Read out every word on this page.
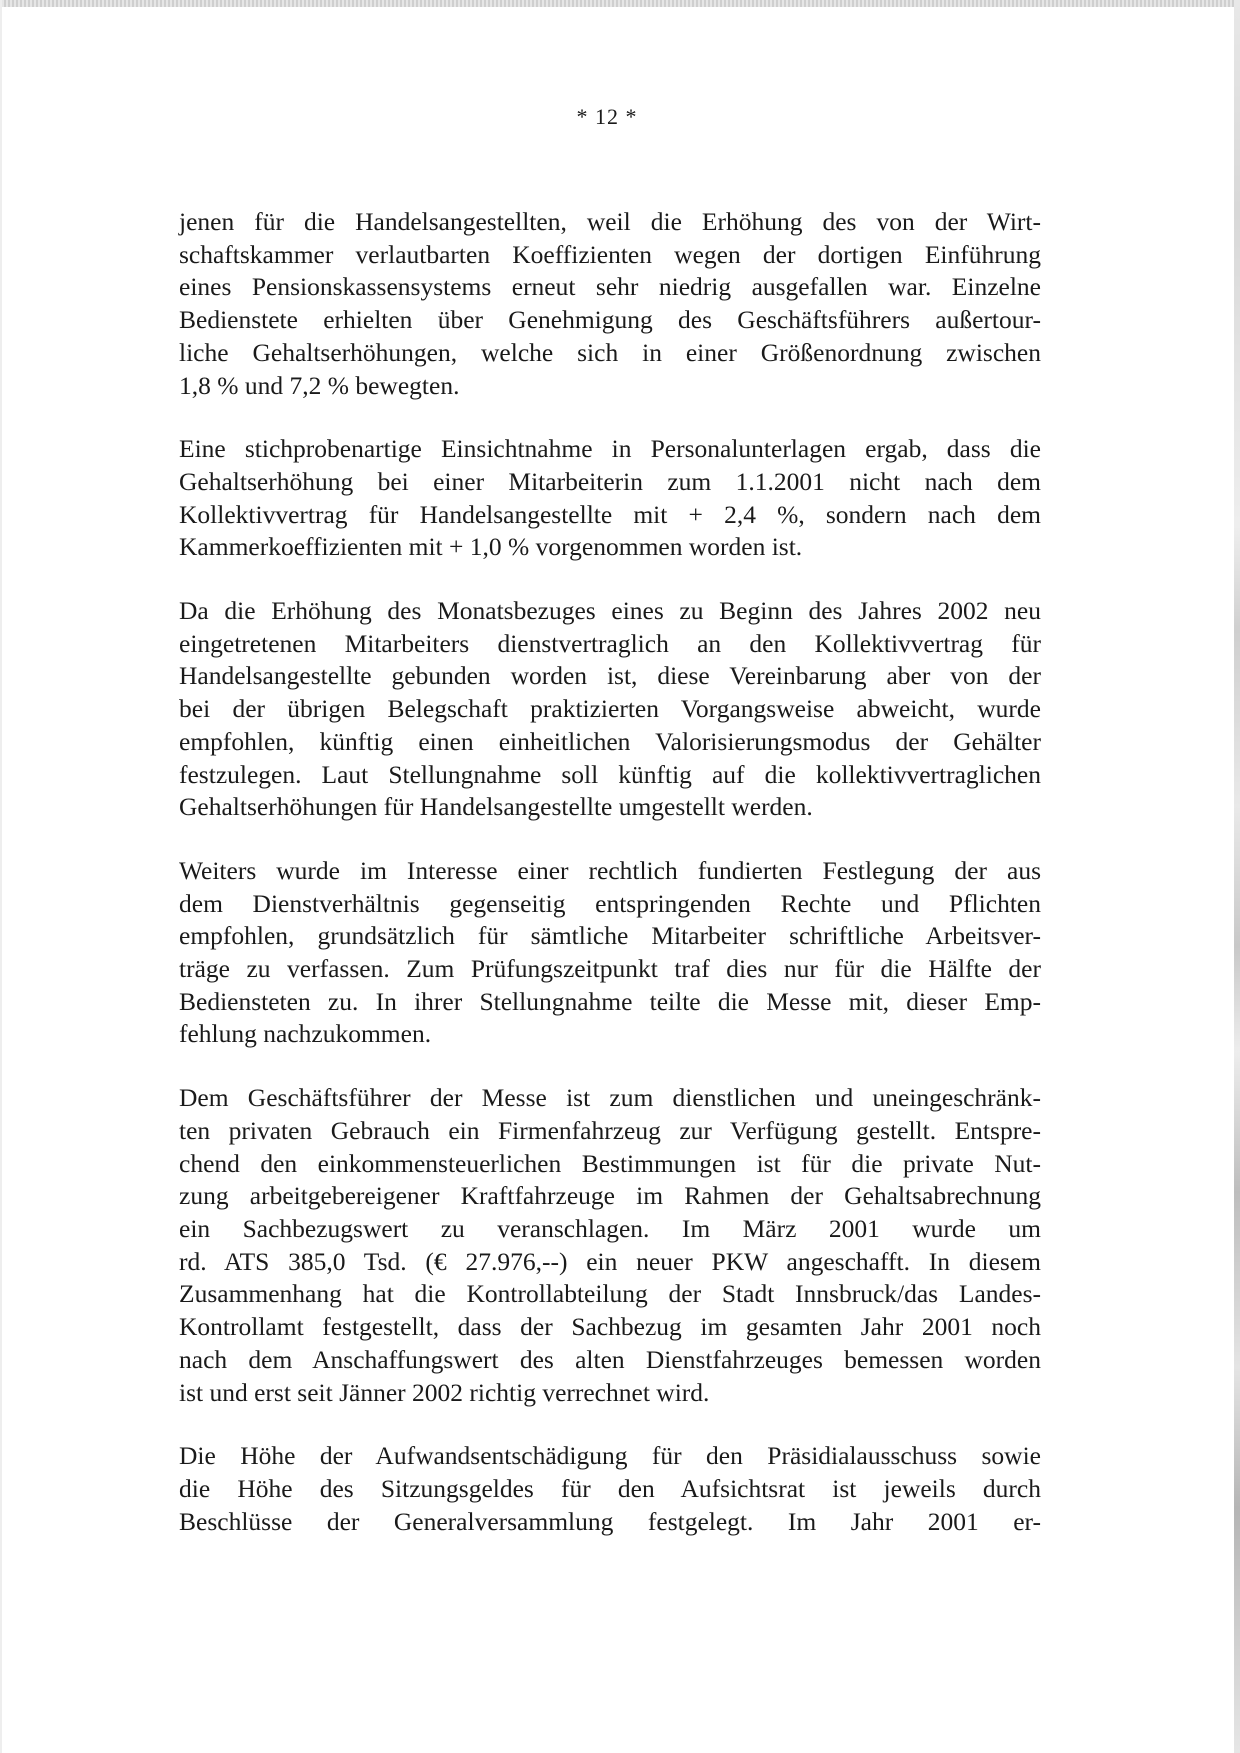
* 12 *

jenen für die Handelsangestellten, weil die Erhöhung des von der Wirt-
schaftskammer verlautbarten Koeffizienten wegen der dortigen Einführung
eines Pensionskassensystems erneut sehr niedrig ausgefallen war. Einzelne
Bedienstete erhielten über Genehmigung des Geschäftsführers außertour-
liche Gehaltserhöhungen, welche sich in einer Größenordnung zwischen
1,8 % und 7,2 % bewegten.

Eine stichprobenartige Einsichtnahme in Personalunterlagen ergab, dass die
Gehaltserhöhung bei einer Mitarbeiterin zum 1.1.2001 nicht nach dem
Kollektivvertrag für Handelsangestellte mit + 2,4 %, sondern nach dem
Kammerkoeffizienten mit + 1,0 % vorgenommen worden ist.

Da die Erhöhung des Monatsbezuges eines zu Beginn des Jahres 2002 neu
eingetretenen Mitarbeiters dienstvertraglich an den Kollektivvertrag für
Handelsangestellte gebunden worden ist, diese Vereinbarung aber von der
bei der übrigen Belegschaft praktizierten Vorgangsweise abweicht, wurde
empfohlen, künftig einen einheitlichen Valorisierungsmodus der Gehälter
festzulegen. Laut Stellungnahme soll künftig auf die kollektivvertraglichen
Gehaltserhöhungen für Handelsangestellte umgestellt werden.

Weiters wurde im Interesse einer rechtlich fundierten Festlegung der aus
dem Dienstverhältnis gegenseitig entspringenden Rechte und Pflichten
empfohlen, grundsätzlich für sämtliche Mitarbeiter schriftliche Arbeitsver-
träge zu verfassen. Zum Prüfungszeitpunkt traf dies nur für die Hälfte der
Bediensteten zu. In ihrer Stellungnahme teilte die Messe mit, dieser Emp-
fehlung nachzukommen.

Dem Geschäftsführer der Messe ist zum dienstlichen und uneingeschränk-
ten privaten Gebrauch ein Firmenfahrzeug zur Verfügung gestellt. Entspre-
chend den einkommensteuerlichen Bestimmungen ist für die private Nut-
zung arbeitgebereigener Kraftfahrzeuge im Rahmen der Gehaltsabrechnung
ein Sachbezugswert zu veranschlagen. Im März 2001 wurde um
rd. ATS 385,0 Tsd. (€ 27.976,--) ein neuer PKW angeschafft. In diesem
Zusammenhang hat die Kontrollabteilung der Stadt Innsbruck/das Landes-
Kontrollamt festgestellt, dass der Sachbezug im gesamten Jahr 2001 noch
nach dem Anschaffungswert des alten Dienstfahrzeuges bemessen worden
ist und erst seit Jänner 2002 richtig verrechnet wird.

Die Höhe der Aufwandsentschädigung für den Präsidialausschuss sowie
die Höhe des Sitzungsgeldes für den Aufsichtsrat ist jeweils durch
Beschlüsse der Generalversammlung festgelegt. Im Jahr 2001 er-
